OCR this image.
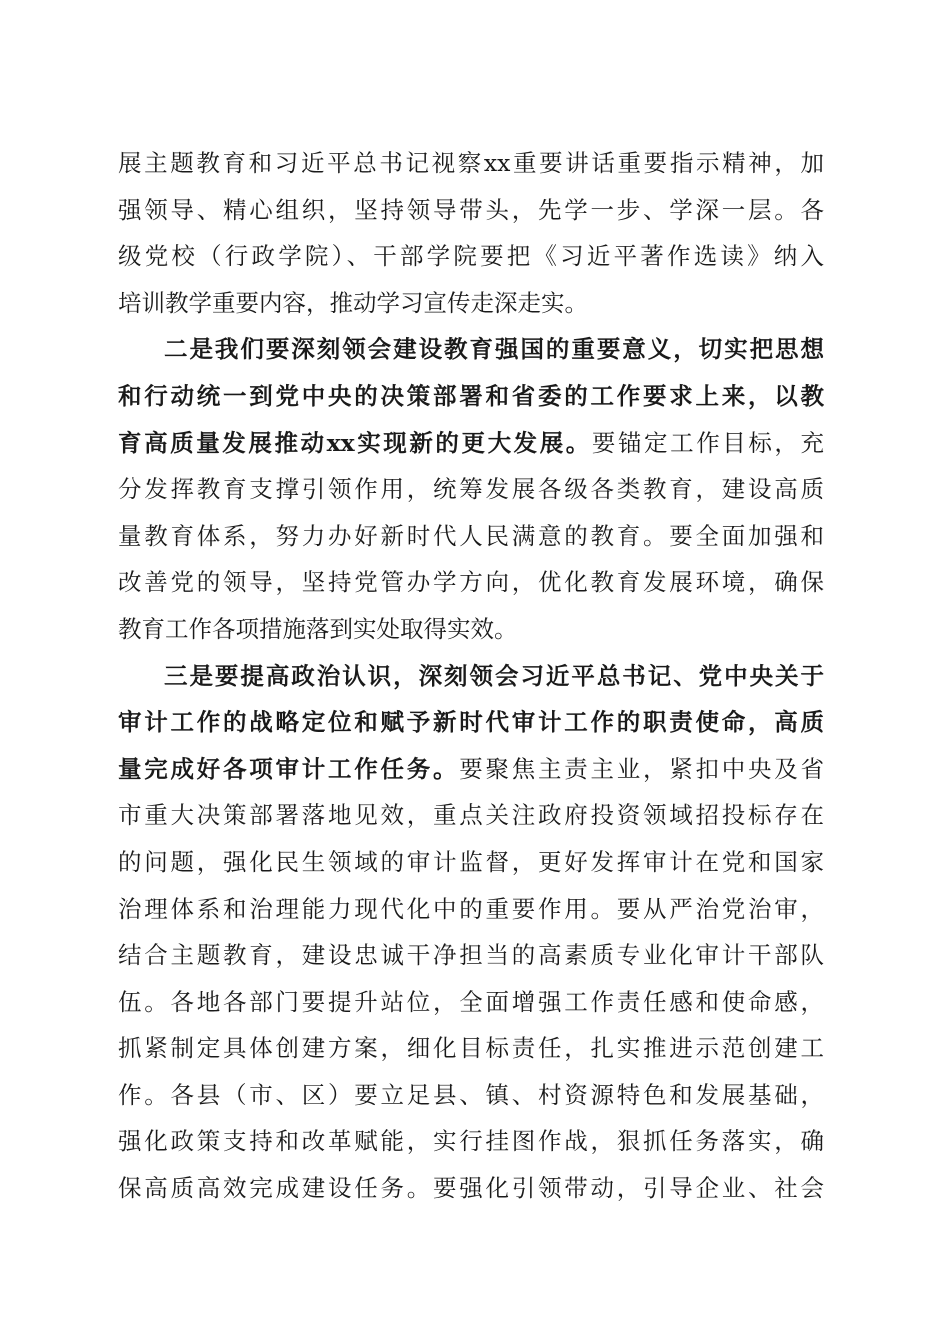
展主题教育和习近平总书记视察xx重要讲话重要指示精神，加
强领导、精心组织，坚持领导带头，先学一步、学深一层。各
级党校（行政学院）、干部学院要把《习近平著作选读》纳入
培训教学重要内容，推动学习宣传走深走实。
二是我们要深刻领会建设教育强国的重要意义，切实把思想
和行动统一到党中央的决策部署和省委的工作要求上来，以教
育高质量发展推动xx实现新的更大发展。要锚定工作目标，充
分发挥教育支撑引领作用，统筹发展各级各类教育，建设高质
量教育体系，努力办好新时代人民满意的教育。要全面加强和
改善党的领导，坚持党管办学方向，优化教育发展环境，确保
教育工作各项措施落到实处取得实效。
三是要提高政治认识，深刻领会习近平总书记、党中央关于
审计工作的战略定位和赋予新时代审计工作的职责使命，高质
量完成好各项审计工作任务。要聚焦主责主业，紧扣中央及省
市重大决策部署落地见效，重点关注政府投资领域招投标存在
的问题，强化民生领域的审计监督，更好发挥审计在党和国家
治理体系和治理能力现代化中的重要作用。要从严治党治审，
结合主题教育，建设忠诚干净担当的高素质专业化审计干部队
伍。各地各部门要提升站位，全面增强工作责任感和使命感，
抓紧制定具体创建方案，细化目标责任，扎实推进示范创建工
作。各县（市、区）要立足县、镇、村资源特色和发展基础，
强化政策支持和改革赋能，实行挂图作战，狠抓任务落实，确
保高质高效完成建设任务。要强化引领带动，引导企业、社会
